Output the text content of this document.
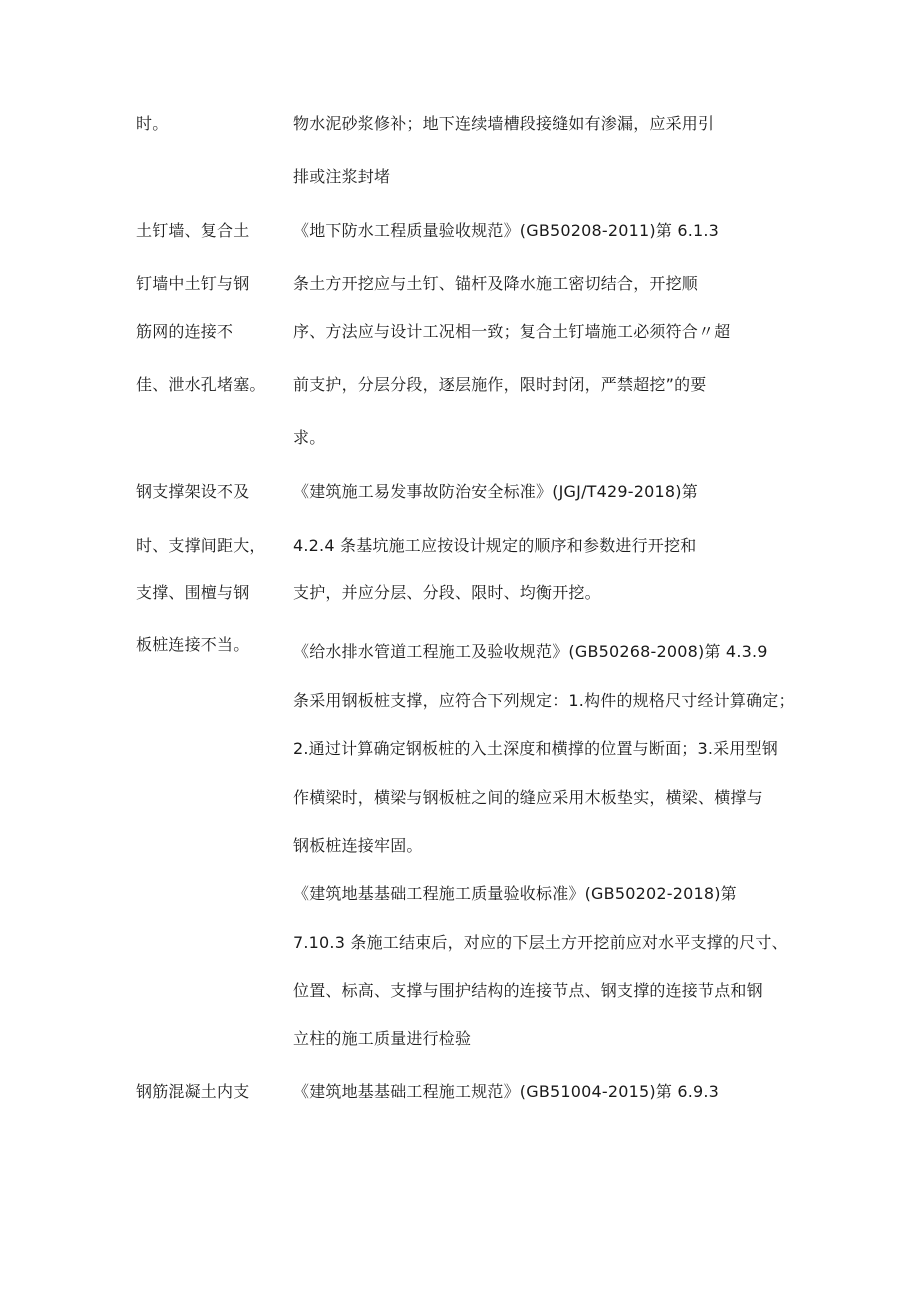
时。	物水泥砂浆修补；地下连续墙槽段接缝如有渗漏，应采用引
排或注浆封堵
土钉墙、复合土
钉墙中土钉与钢
筋网的连接不
佳、泄水孔堵塞。
《地下防水工程质量验收规范》(GB50208-2011)第 6.1.3
条土方开挖应与土钉、锚杆及降水施工密切结合，开挖顺
序、方法应与设计工况相一致；复合土钉墙施工必须符合〃超
前支护，分层分段，逐层施作，限时封闭，严禁超挖”的要
求。
钢支撑架设不及
时、支撑间距大，
支撑、围檀与钢
板桩连接不当。
《建筑施工易发事故防治安全标准》(JGJ/T429-2018)第
4.2.4 条基坑施工应按设计规定的顺序和参数进行开挖和
支护，并应分层、分段、限时、均衡开挖。
《给水排水管道工程施工及验收规范》(GB50268-2008)第 4.3.9
条采用钢板桩支撑，应符合下列规定：1.构件的规格尺寸经计算确定；
2.通过计算确定钢板桩的入土深度和横撑的位置与断面；3.采用型钢
作横梁时，横梁与钢板桩之间的缝应采用木板垫实，横梁、横撑与
钢板桩连接牢固。
《建筑地基基础工程施工质量验收标准》(GB50202-2018)第
7.10.3 条施工结束后，对应的下层土方开挖前应对水平支撑的尺寸、
位置、标高、支撑与围护结构的连接节点、钢支撑的连接节点和钢
立柱的施工质量进行检验
钢筋混凝土内支	《建筑地基基础工程施工规范》(GB51004-2015)第 6.9.3
